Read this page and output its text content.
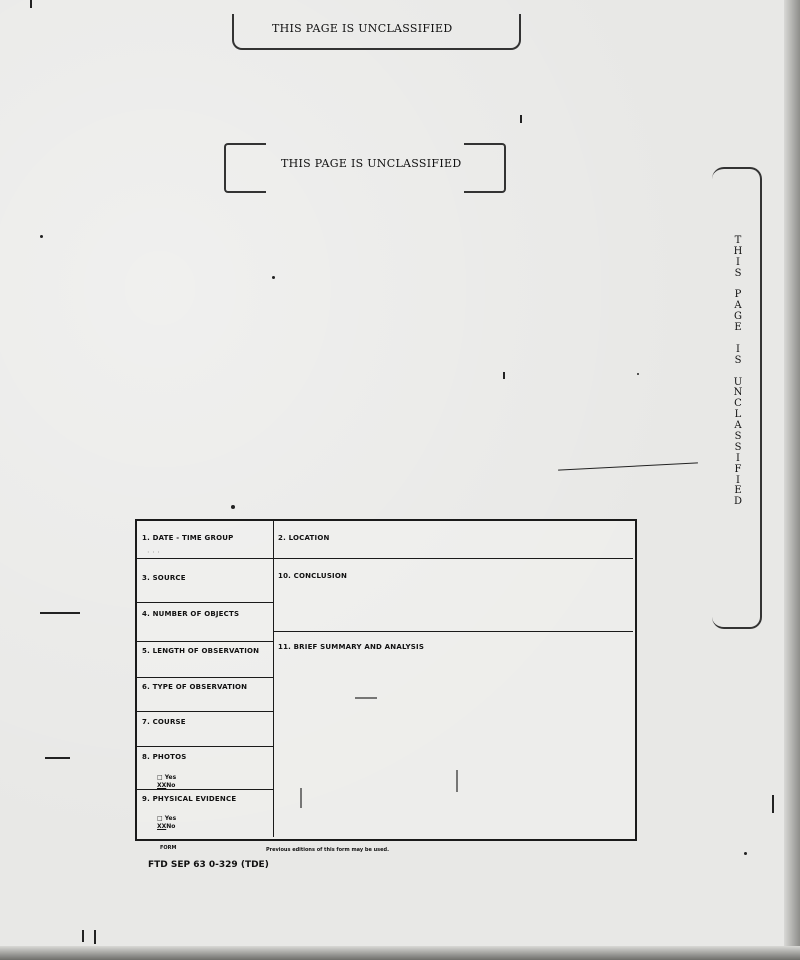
THIS PAGE IS UNCLASSIFIED
THIS PAGE IS UNCLASSIFIED
T
H
I
S
P
A
G
E
I
S
U
N
C
L
A
S
S
I
F
I
E
D
1. DATE - TIME GROUP	2. LOCATION
· · ·
3. SOURCE	10. CONCLUSION
4. NUMBER OF OBJECTS
5. LENGTH OF OBSERVATION	11. BRIEF SUMMARY AND ANALYSIS
6. TYPE OF OBSERVATION
7. COURSE
8. PHOTOS
□ Yes
XXNo
9. PHYSICAL EVIDENCE
□ Yes
XXNo
FORM
FTD SEP 63 0-329 (TDE)
Previous editions of this form may be used.
